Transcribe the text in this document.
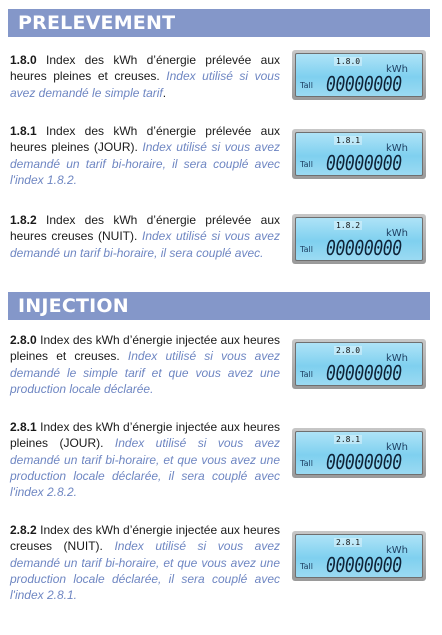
PRELEVEMENT
1.8.0 Index des kWh d’énergie prélevée aux heures pleines et creuses. Index utilisé si vous avez demandé le simple tarif.
1.8.0
kWh
Tall 00000000
1.8.1 Index des kWh d’énergie prélevée aux heures pleines (JOUR). Index utilisé si vous avez demandé un tarif bi-horaire, il sera couplé avec l'index 1.8.2.
1.8.1
kWh
Tall 00000000
1.8.2 Index des kWh d’énergie prélevée aux heures creuses (NUIT). Index utilisé si vous avez demandé un tarif bi-horaire, il sera couplé avec.
1.8.2
kWh
Tall 00000000
INJECTION
2.8.0 Index des kWh d’énergie injectée aux heures pleines et creuses. Index utilisé si vous avez demandé le simple tarif et que vous avez une production locale déclarée.
2.8.0
kWh
Tall 00000000
2.8.1 Index des kWh d’énergie injectée aux heures pleines (JOUR). Index utilisé si vous avez demandé un tarif bi-horaire, et que vous avez une production locale déclarée, il sera couplé avec l'index 2.8.2.
2.8.1
kWh
Tall 00000000
2.8.2 Index des kWh d’énergie injectée aux heures creuses (NUIT). Index utilisé si vous avez demandé un tarif bi-horaire, et que vous avez une production locale déclarée, il sera couplé avec l'index 2.8.1.
2.8.1
kWh
Tall 00000000
